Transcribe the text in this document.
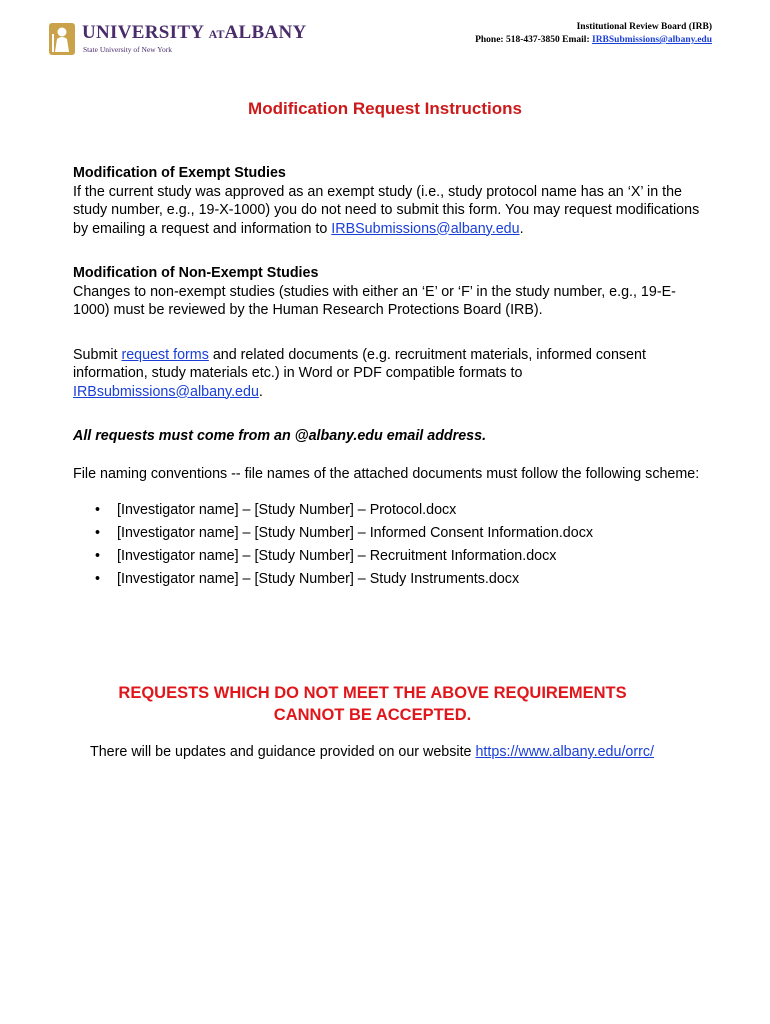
UNIVERSITY ATALBANY
State University of New York
Institutional Review Board (IRB)
Phone: 518-437-3850 Email: IRBSubmissions@albany.edu
Modification Request Instructions

Modification of Exempt Studies

If the current study was approved as an exempt study (i.e., study protocol name has an ‘X’ in the study number, e.g., 19-X-1000) you do not need to submit this form. You may request modifications by emailing a request and information to IRBSubmissions@albany.edu.

Modification of Non-Exempt Studies

Changes to non-exempt studies (studies with either an ‘E’ or ‘F’ in the study number, e.g., 19-E-1000) must be reviewed by the Human Research Protections Board (IRB).

Submit request forms and related documents (e.g. recruitment materials, informed consent information, study materials etc.) in Word or PDF compatible formats to IRBsubmissions@albany.edu.

All requests must come from an @albany.edu email address.

File naming conventions -- file names of the attached documents must follow the following scheme:

• [Investigator name] – [Study Number] – Protocol.docx
• [Investigator name] – [Study Number] – Informed Consent Information.docx
• [Investigator name] – [Study Number] – Recruitment Information.docx
• [Investigator name] – [Study Number] – Study Instruments.docx
REQUESTS WHICH DO NOT MEET THE ABOVE REQUIREMENTS
CANNOT BE ACCEPTED.
There will be updates and guidance provided on our website https://www.albany.edu/orrc/
